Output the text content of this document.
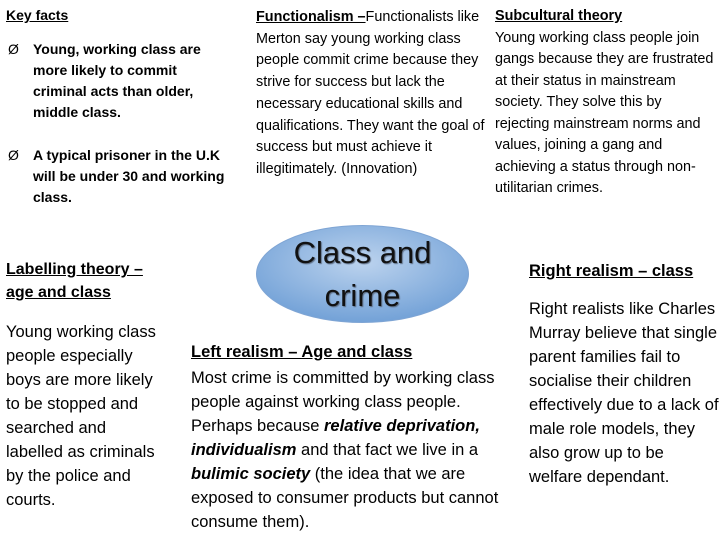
Key facts
Ø Young, working class are more likely to commit criminal acts than older, middle class.
Ø A typical prisoner in the U.K will be under 30 and working class.
Functionalism –Functionalists like Merton say young working class people commit crime because they strive for success but lack the necessary educational skills and qualifications. They want the goal of success but must achieve it illegitimately. (Innovation)
Subcultural theory
Young working class people join gangs because they are frustrated at their status in mainstream society. They solve this by rejecting mainstream norms and values, joining a gang and achieving a status through non-utilitarian crimes.
Labelling theory – age and class
Young working class people especially boys are more likely to be stopped and searched and labelled as criminals by the police and courts.
Class and
crime
Left realism – Age and class
Most crime is committed by working class people against working class people. Perhaps because relative deprivation, individualism and that fact we live in a bulimic society (the idea that we are exposed to consumer products but cannot consume them).
Right realism – class
Right realists like Charles Murray believe that single parent families fail to socialise their children effectively due to a lack of male role models, they also grow up to be welfare dependant.
